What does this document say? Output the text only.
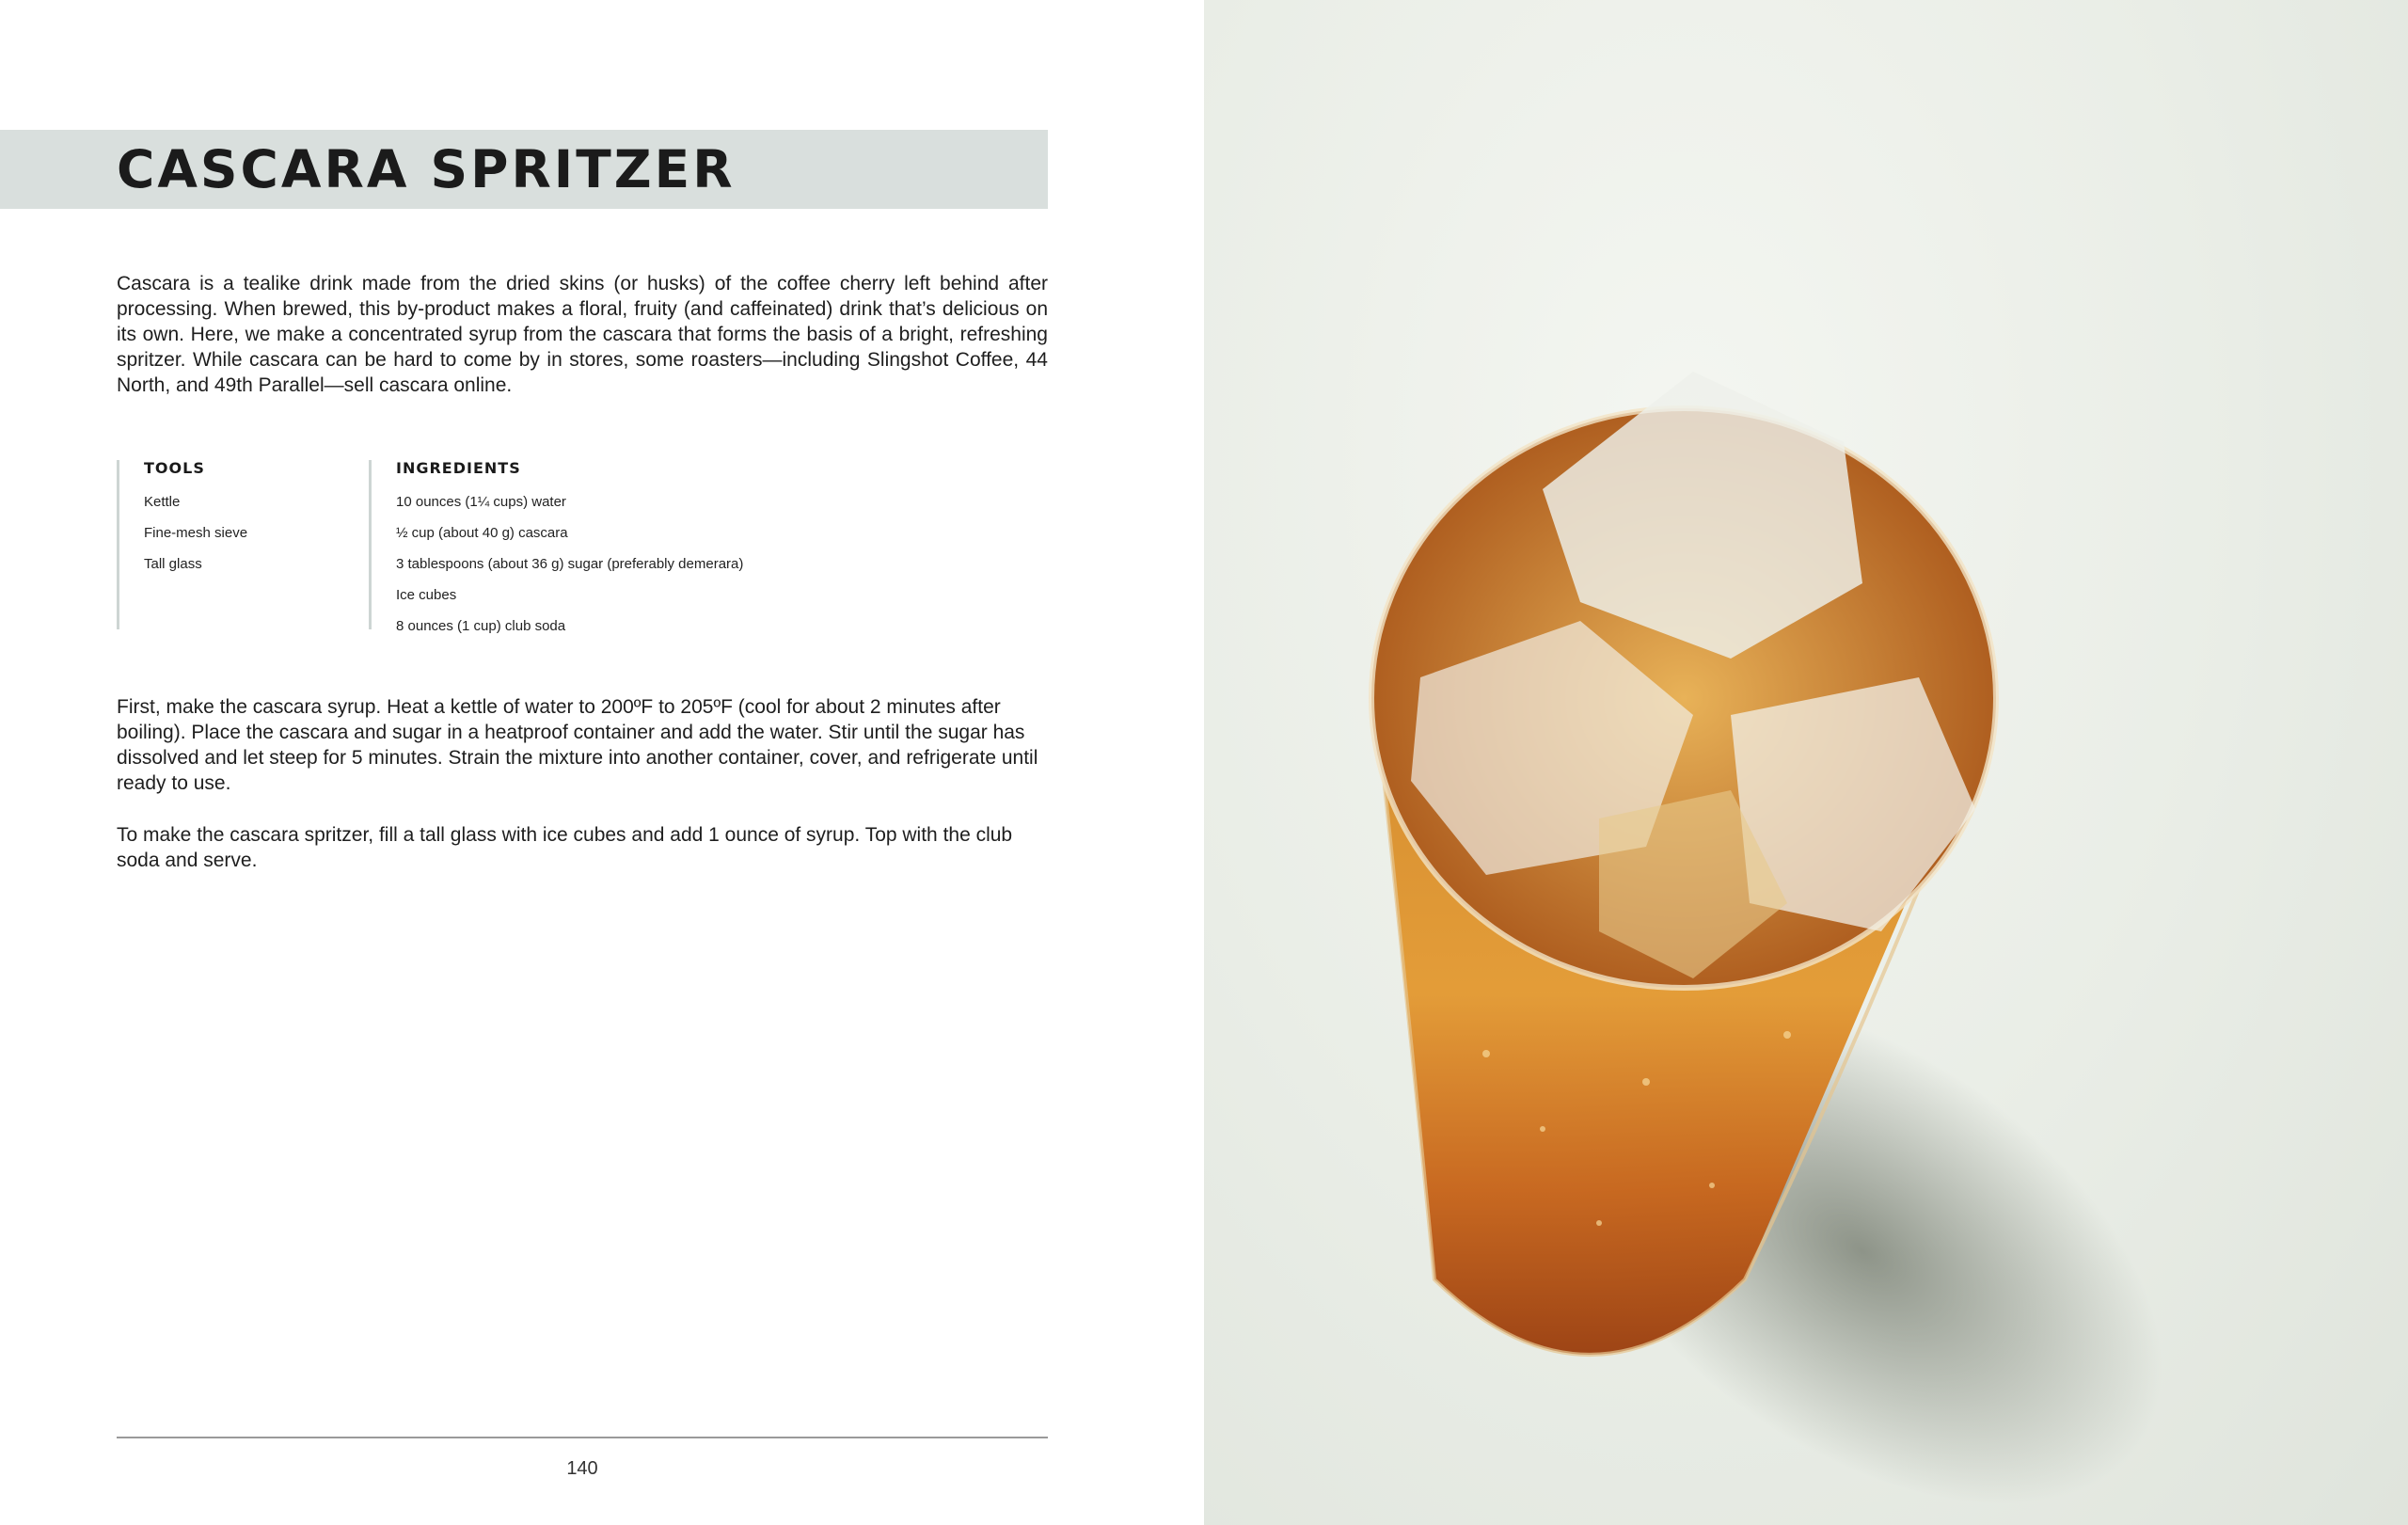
CASCARA SPRITZER

Cascara is a tealike drink made from the dried skins (or husks) of the coffee cherry left behind after processing. When brewed, this by-product makes a floral, fruity (and caffeinated) drink that’s delicious on its own. Here, we make a concentrated syrup from the cascara that forms the basis of a bright, refreshing spritzer. While cascara can be hard to come by in stores, some roasters—including Slingshot Coffee, 44 North, and 49th Parallel—sell cascara online.

TOOLS
Kettle
Fine-mesh sieve
Tall glass
INGREDIENTS
10 ounces (1¼ cups) water
½ cup (about 40 g) cascara
3 tablespoons (about 36 g) sugar (preferably demerara)
Ice cubes
8 ounces (1 cup) club soda

First, make the cascara syrup. Heat a kettle of water to 200ºF to 205ºF (cool for about 2 minutes after boiling). Place the cascara and sugar in a heatproof container and add the water. Stir until the sugar has dissolved and let steep for 5 minutes. Strain the mixture into another container, cover, and refrigerate until ready to use.

To make the cascara spritzer, fill a tall glass with ice cubes and add 1 ounce of syrup. Top with the club soda and serve.

140
